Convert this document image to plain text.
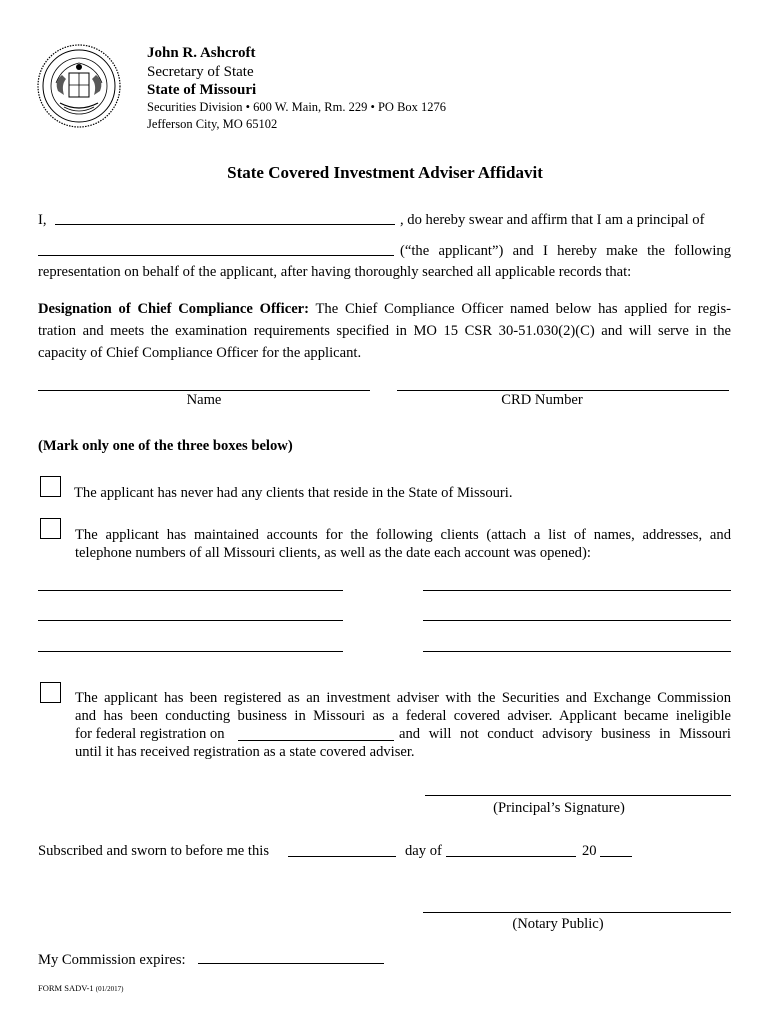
John R. Ashcroft
Secretary of State
State of Missouri
Securities Division • 600 W. Main, Rm. 229 • PO Box 1276
Jefferson City, MO 65102
State Covered Investment Adviser Affidavit
I,	, do hereby swear and affirm that I am a principal of
(“the applicant”) and I hereby make the following
representation on behalf of the applicant, after having thoroughly searched all applicable records that:
Designation of Chief Compliance Officer: The Chief Compliance Officer named below has applied for regis-
tration and meets the examination requirements specified in MO 15 CSR 30-51.030(2)(C) and will serve in the
capacity of Chief Compliance Officer for the applicant.
Name	CRD Number
(Mark only one of the three boxes below)
The applicant has never had any clients that reside in the State of Missouri.
The applicant has maintained accounts for the following clients (attach a list of names, addresses, and
telephone numbers of all Missouri clients, as well as the date each account was opened):
The applicant has been registered as an investment adviser with the Securities and Exchange Commission
and has been conducting business in Missouri as a federal covered adviser. Applicant became ineligible
for federal registration on	and will not conduct advisory business in Missouri
until it has received registration as a state covered adviser.
(Principal’s Signature)
Subscribed and sworn to before me this	day of	20
(Notary Public)
My Commission expires:
FORM SADV-1 (01/2017)
